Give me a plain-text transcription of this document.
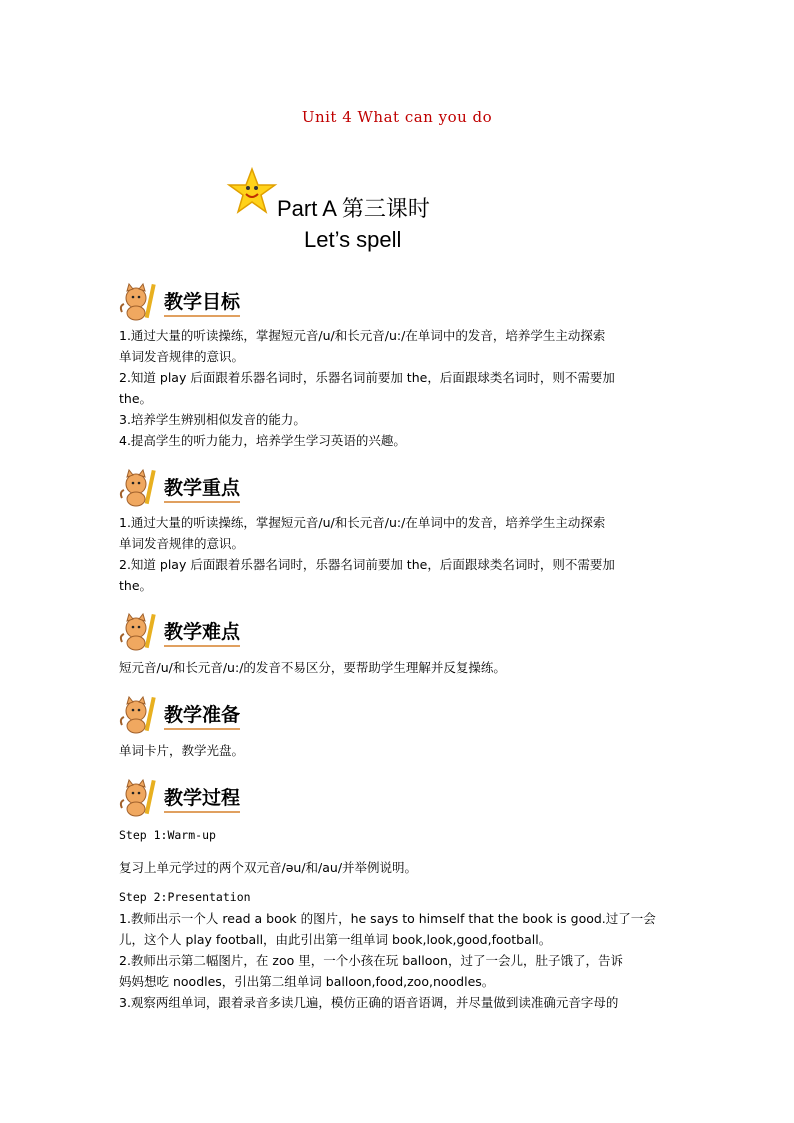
Unit 4 What can you do
Part A 第三课时
Let’s spell
教学目标

1.通过大量的听读操练，掌握短元音/u/和长元音/u:/在单词中的发音，培养学生主动探索

单词发音规律的意识。

2.知道 play 后面跟着乐器名词时，乐器名词前要加 the，后面跟球类名词时，则不需要加

the。

3.培养学生辨别相似发音的能力。

4.提高学生的听力能力，培养学生学习英语的兴趣。

教学重点

1.通过大量的听读操练，掌握短元音/u/和长元音/u:/在单词中的发音，培养学生主动探索

单词发音规律的意识。

2.知道 play 后面跟着乐器名词时，乐器名词前要加 the，后面跟球类名词时，则不需要加

the。

教学难点

短元音/u/和长元音/u:/的发音不易区分，要帮助学生理解并反复操练。

教学准备

单词卡片，教学光盘。

教学过程

Step 1:Warm-up

复习上单元学过的两个双元音/əu/和/au/并举例说明。

Step 2:Presentation

1.教师出示一个人 read a book 的图片，he says to himself that the book is good.过了一会

儿，这个人 play football，由此引出第一组单词 book,look,good,football。

2.教师出示第二幅图片，在 zoo 里，一个小孩在玩 balloon，过了一会儿，肚子饿了，告诉

妈妈想吃 noodles，引出第二组单词 balloon,food,zoo,noodles。

3.观察两组单词，跟着录音多读几遍，模仿正确的语音语调，并尽量做到读准确元音字母的
